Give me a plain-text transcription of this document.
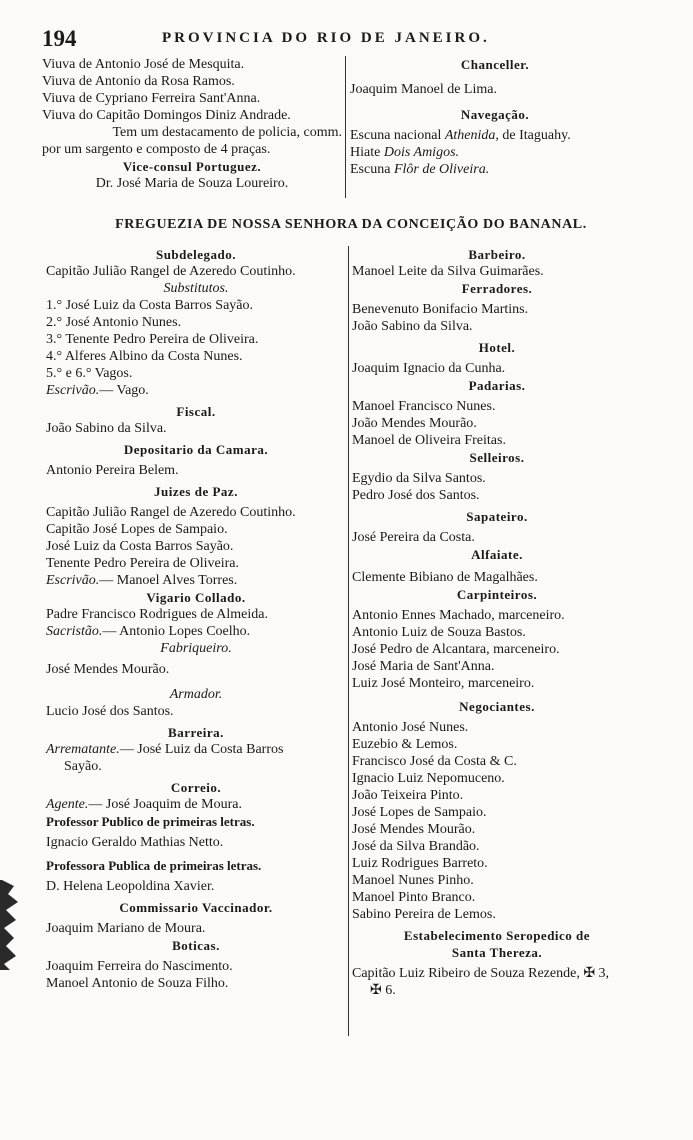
194	PROVINCIA DO RIO DE JANEIRO.
Viuva de Antonio José de Mesquita.
Viuva de Antonio da Rosa Ramos.
Viuva de Cypriano Ferreira Sant'Anna.
Viuva do Capitão Domingos Diniz Andrade.
Tem um destacamento de policia, comm.
por um sargento e composto de 4 praças.
Vice-consul Portuguez.
Dr. José Maria de Souza Loureiro.
Chanceller.
Joaquim Manoel de Lima.
Navegação.
Escuna nacional Athenida, de Itaguahy.
Hiate Dois Amigos.
Escuna Flôr de Oliveira.
FREGUEZIA DE NOSSA SENHORA DA CONCEIÇÃO DO BANANAL.
Subdelegado.
Capitão Julião Rangel de Azeredo Coutinho.
Substitutos.
1.° José Luiz da Costa Barros Sayão.
2.° José Antonio Nunes.
3.° Tenente Pedro Pereira de Oliveira.
4.° Alferes Albino da Costa Nunes.
5.° e 6.° Vagos.
Escrivão.— Vago.
Fiscal.
João Sabino da Silva.
Depositario da Camara.
Antonio Pereira Belem.
Juizes de Paz.
Capitão Julião Rangel de Azeredo Coutinho.
Capitão José Lopes de Sampaio.
José Luiz da Costa Barros Sayão.
Tenente Pedro Pereira de Oliveira.
Escrivão.— Manoel Alves Torres.
Vigario Collado.
Padre Francisco Rodrigues de Almeida.
Sacristão.— Antonio Lopes Coelho.
Fabriqueiro.
José Mendes Mourão.
Armador.
Lucio José dos Santos.
Barreira.
Arrematante.— José Luiz da Costa Barros
Sayão.
Correio.
Agente.— José Joaquim de Moura.
Professor Publico de primeiras letras.
Ignacio Geraldo Mathias Netto.
Professora Publica de primeiras letras.
D. Helena Leopoldina Xavier.
Commissario Vaccinador.
Joaquim Mariano de Moura.
Boticas.
Joaquim Ferreira do Nascimento.
Manoel Antonio de Souza Filho.
Barbeiro.
Manoel Leite da Silva Guimarães.
Ferradores.
Benevenuto Bonifacio Martins.
João Sabino da Silva.
Hotel.
Joaquim Ignacio da Cunha.
Padarias.
Manoel Francisco Nunes.
João Mendes Mourão.
Manoel de Oliveira Freitas.
Selleiros.
Egydio da Silva Santos.
Pedro José dos Santos.
Sapateiro.
José Pereira da Costa.
Alfaiate.
Clemente Bibiano de Magalhães.
Carpinteiros.
Antonio Ennes Machado, marceneiro.
Antonio Luiz de Souza Bastos.
José Pedro de Alcantara, marceneiro.
José Maria de Sant'Anna.
Luiz José Monteiro, marceneiro.
Negociantes.
Antonio José Nunes.
Euzebio & Lemos.
Francisco José da Costa & C.
Ignacio Luiz Nepomuceno.
João Teixeira Pinto.
José Lopes de Sampaio.
José Mendes Mourão.
José da Silva Brandão.
Luiz Rodrigues Barreto.
Manoel Nunes Pinho.
Manoel Pinto Branco.
Sabino Pereira de Lemos.
Estabelecimento Seropedico de
Santa Thereza.
Capitão Luiz Ribeiro de Souza Rezende, ✠ 3,
✠ 6.
